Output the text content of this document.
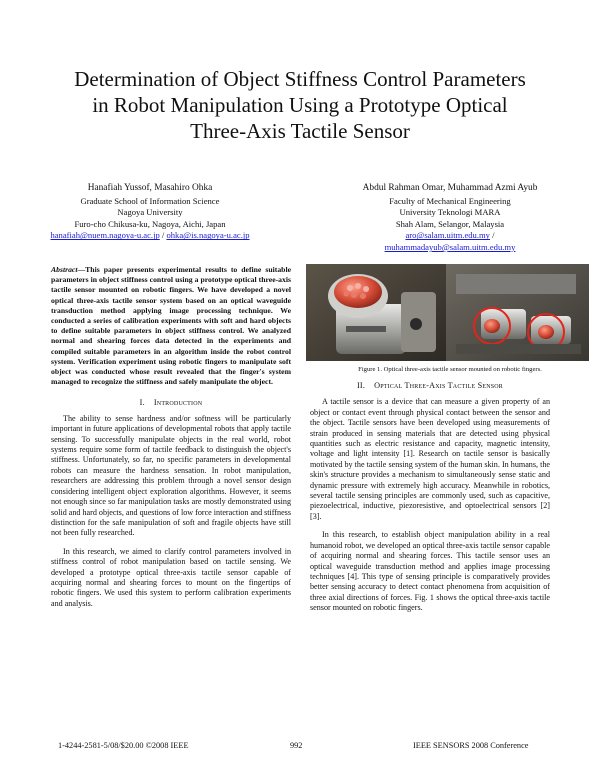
Determination of Object Stiffness Control Parameters
in Robot Manipulation Using a Prototype Optical
Three-Axis Tactile Sensor
Hanafiah Yussof, Masahiro Ohka
Graduate School of Information Science
Nagoya University
Furo-cho Chikusa-ku, Nagoya, Aichi, Japan
hanafiah@nuem.nagoya-u.ac.jp / ohka@is.nagoya-u.ac.jp
Abdul Rahman Omar, Muhammad Azmi Ayub
Faculty of Mechanical Engineering
University Teknologi MARA
Shah Alam, Selangor, Malaysia
aro@salam.uitm.edu.my /
muhammadayub@salam.uitm.edu.my
Abstract—This paper presents experimental results to define suitable parameters in object stiffness control using a prototype optical three-axis tactile sensor mounted on robotic fingers. We have developed a novel optical three-axis tactile sensor system based on an optical waveguide transduction method applying image processing technique. We conducted a series of calibration experiments with soft and hard objects to define suitable parameters in object stiffness control. We analyzed normal and shearing forces data detected in the experiments and compiled suitable parameters in an algorithm inside the robot control system. Verification experiment using robotic fingers to manipulate soft object was conducted whose result revealed that the finger's system managed to recognize the stiffness and safely manipulate the object.
I. Introduction

The ability to sense hardness and/or softness will be particularly important in future applications of developmental robots that apply tactile sensing. To successfully manipulate objects in the real world, robot systems require some form of tactile feedback to distinguish the object's stiffness. Unfortunately, so far, no specific parameters in developmental robots can measure the hardness sensation. In robot manipulation, researchers are addressing this problem through a novel sensor design considering intelligent object exploration algorithms. However, it seems not enough since so far manipulation tasks are mostly demonstrated using solid and hard objects, and questions of low force interaction and stiffness distinction for the safe manipulation of soft and fragile objects have still not been fully researched.

In this research, we aimed to clarify control parameters involved in stiffness control of robot manipulation based on tactile sensing. We developed a prototype optical three-axis tactile sensor capable of acquiring normal and shearing forces to mount on the fingertips of robotic fingers. We used this system to perform calibration experiments and analysis.

Figure 1. Optical three-axis tactile sensor mounted on robotic fingers.
II. Optical Three-Axis Tactile Sensor

A tactile sensor is a device that can measure a given property of an object or contact event through physical contact between the sensor and the object. Tactile sensors have been developed using measurements of strain produced in sensing materials that are detected using physical quantities such as electric resistance and capacity, magnetic intensity, voltage and light intensity [1]. Research on tactile sensor is basically motivated by the tactile sensing system of the human skin. In humans, the skin's structure provides a mechanism to simultaneously sense static and dynamic pressure with extremely high accuracy. Meanwhile in robotics, several tactile sensing principles are commonly used, such as capacitive, piezoelectrical, inductive, piezoresistive, and optoelectrical sensors [2][3].

In this research, to establish object manipulation ability in a real humanoid robot, we developed an optical three-axis tactile sensor capable of acquiring normal and shearing forces. This tactile sensor uses an optical waveguide transduction method and applies image processing techniques [4]. This type of sensing principle is comparatively provides better sensing accuracy to detect contact phenomena from acquisition of three axial directions of forces. Fig. 1 shows the optical three-axis tactile sensor mounted on robotic fingers.

1-4244-2581-5/08/$20.00 ©2008 IEEE	992	IEEE SENSORS 2008 Conference
